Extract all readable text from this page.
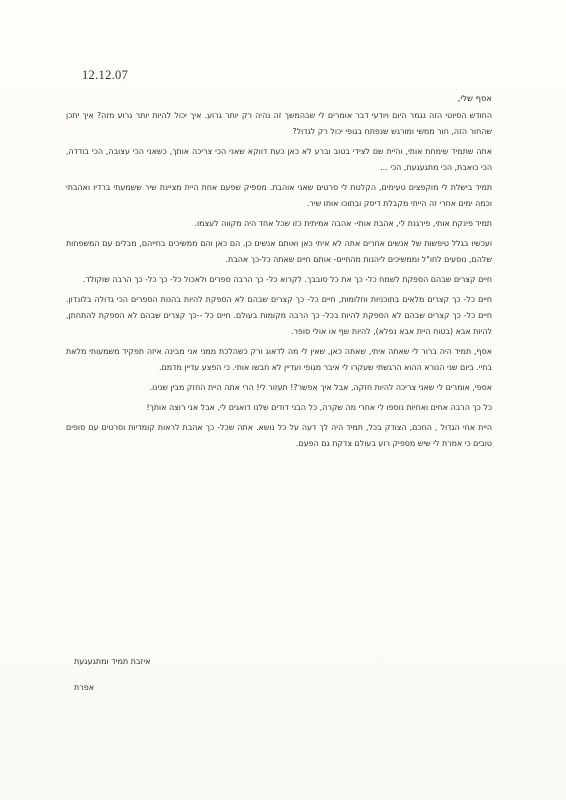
12.12.07
אסף שלי,
החודש הסיוטי הזה נגמר היום ויודעי דבר אומרים לי שבהמשך זה נהיה רק יותר גרוע. איך יכול להיות יותר גרוע מזה? איך יתכן שהחור הזה, חור ממשי ומורגש שנפתח בגופי יכול רק לגדול?
אתה שתמיד שימחת אותי, והיית שם לצידי בטוב וברע לא כאן כעת דווקא שאני הכי צריכה אותך, כשאני הכי עצובה, הכי בודדה, הכי כואבת, הכי מתגעגעת, הכי ...
תמיד בישלת לי מוקפצים טעימים, הקלטת לי סרטים שאני אוהבת. מספיק שפעם אחת היית מציינת שיר ששמעתי ברדיו ואהבתי וכמה ימים אחרי זה הייתי מקבלת דיסק ובתוכו אותו שיר.
תמיד פינקת אותי, פירגנת לי, אהבת אותי- אהבה אמיתית כזו שכל אחד היה מקווה לעצמו.
ועכשיו בגלל טיפשות של אנשים אחרים אתה לא איתי כאן ואותם אנשים כן. הם כאן והם ממשיכים בחייהם, מבלים עם המשפחות שלהם, נוסעים לחו"ל וממשיכים ליהנות מהחיים- אותם חיים שאתה כל-כך אהבת.
חיים קצרים שבהם הספקת לשמח כל- כך את כל סובבך. לקרוא כל- כך הרבה ספרים ולאכול כל- כך כל- כך הרבה שוקולד.
חיים כל- כך קצרים מלאים בתוכניות וחלומות, חיים כל- כך קצרים שבהם לא הספקת להיות בהנות הספרים הכי גדולה בלונדון. חיים כל- כך קצרים שבהם לא הספקת להיות בכל- כך הרבה מקומות בעולם. חיים כל --כך קצרים שבהם לא הספקת להתחתן, להיות אבא (בטוח היית אבא נפלא), להיות שף או אולי סופר.
אסף, תמיד היה ברור לי שאתה איתי, שאתה כאן, שאין לי מה לדאוג ורק כשהלכת ממני אני מבינה איזה תפקיד משמעותי מלאת בחיי. ביום שני הנורא ההוא הרגשתי שעקרו לי איבר מגופי ועדיין לא חבשו אותי. כי הפצע עדיין מדמם.
אספי, אומרים לי שאני צריכה להיות חזקה, אבל איך אפשר?! תעזור לי! הרי אתה היית החזק מבין שנינו.
כל כך הרבה אחים ואחיות נוספו לי אחרי מה שקרה, כל הבני דודים שלנו דואגים לי, אבל אני רוצה אותך!
היית אחי הגדול , החכם, הצודק בכל, תמיד היה לך דעה על כל נושא. אתה שכל- כך אהבת לראות קומדיות וסרטים עם סופים טובים כי אמרת לי שיש מספיק רוע בעולם צדקת גם הפעם.
איזבת תמיד ומתגעגעת
אפרת
